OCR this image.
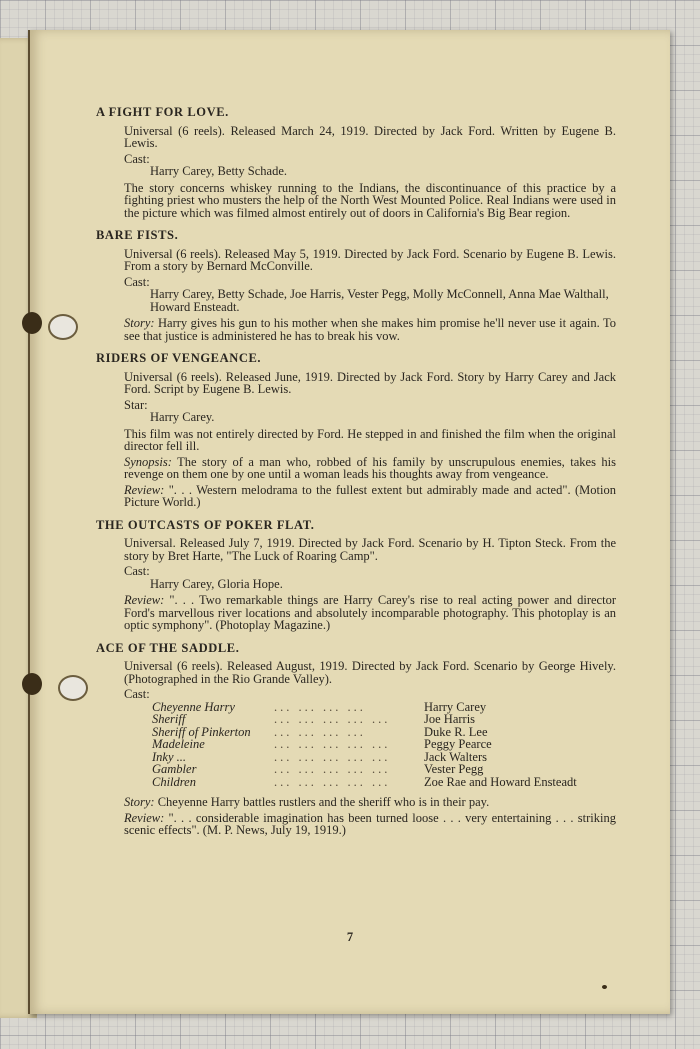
A FIGHT FOR LOVE.
Universal (6 reels). Released March 24, 1919. Directed by Jack Ford. Written by Eugene B. Lewis.
Cast:
Harry Carey, Betty Schade.
The story concerns whiskey running to the Indians, the discontinuance of this practice by a fighting priest who musters the help of the North West Mounted Police. Real Indians were used in the picture which was filmed almost entirely out of doors in California's Big Bear region.
BARE FISTS.
Universal (6 reels). Released May 5, 1919. Directed by Jack Ford. Scenario by Eugene B. Lewis. From a story by Bernard McConville.
Cast:
Harry Carey, Betty Schade, Joe Harris, Vester Pegg, Molly McConnell, Anna Mae Walthall, Howard Ensteadt.
Story: Harry gives his gun to his mother when she makes him promise he'll never use it again. To see that justice is administered he has to break his vow.
RIDERS OF VENGEANCE.
Universal (6 reels). Released June, 1919. Directed by Jack Ford. Story by Harry Carey and Jack Ford. Script by Eugene B. Lewis.
Star:
Harry Carey.
This film was not entirely directed by Ford. He stepped in and finished the film when the original director fell ill.
Synopsis: The story of a man who, robbed of his family by unscrupulous enemies, takes his revenge on them one by one until a woman leads his thoughts away from vengeance.
Review: ". . . Western melodrama to the fullest extent but admirably made and acted". (Motion Picture World.)
THE OUTCASTS OF POKER FLAT.
Universal. Released July 7, 1919. Directed by Jack Ford. Scenario by H. Tipton Steck. From the story by Bret Harte, "The Luck of Roaring Camp".
Cast:
Harry Carey, Gloria Hope.
Review: ". . . Two remarkable things are Harry Carey's rise to real acting power and director Ford's marvellous river locations and absolutely incomparable photography. This photoplay is an optic symphony". (Photoplay Magazine.)
ACE OF THE SADDLE.
Universal (6 reels). Released August, 1919. Directed by Jack Ford. Scenario by George Hively. (Photographed in the Rio Grande Valley).
Cast:
Cheyenne Harry	... ... ... ...	Harry Carey
Sheriff	... ... ... ... ...	Joe Harris
Sheriff of Pinkerton	... ... ... ...	Duke R. Lee
Madeleine	... ... ... ... ...	Peggy Pearce
Inky ...	... ... ... ... ...	Jack Walters
Gambler	... ... ... ... ...	Vester Pegg
Children	... ... ... ... ...	Zoe Rae and Howard Ensteadt
Story: Cheyenne Harry battles rustlers and the sheriff who is in their pay.
Review: ". . . considerable imagination has been turned loose . . . very entertaining . . . striking scenic effects". (M. P. News, July 19, 1919.)
7
